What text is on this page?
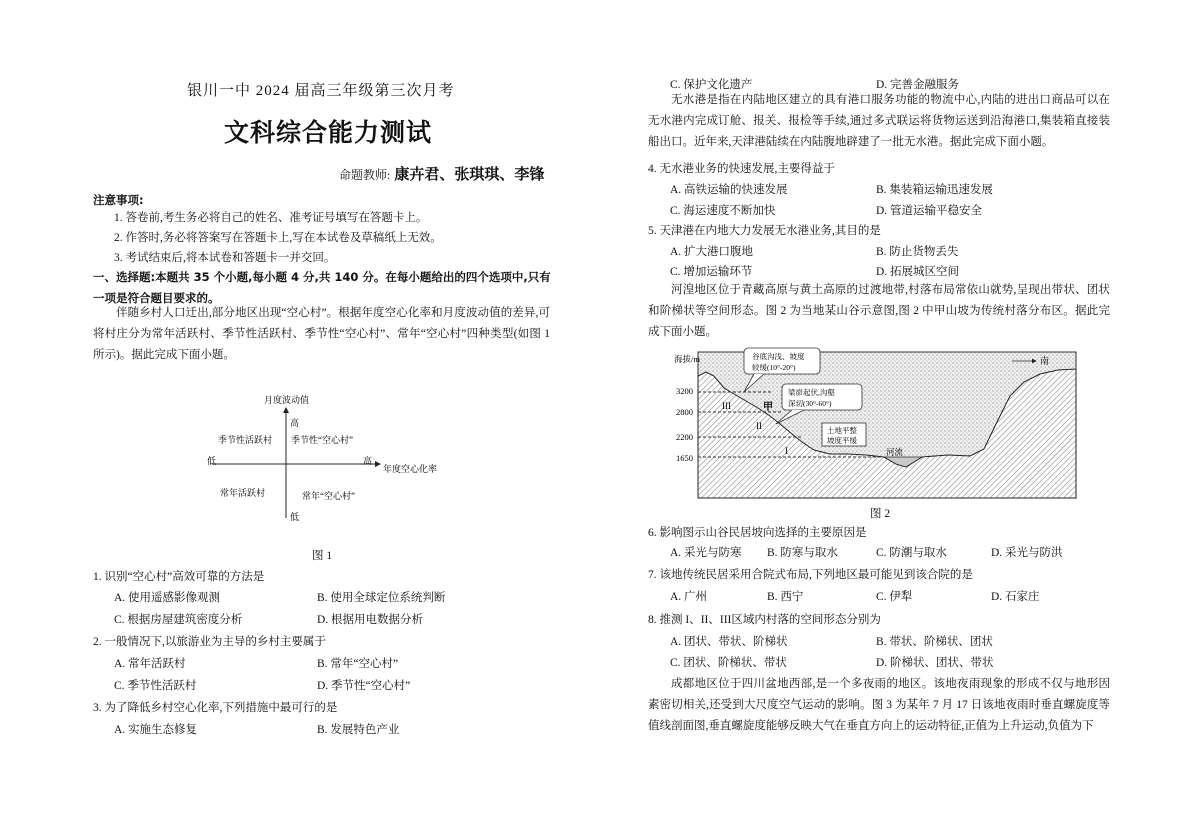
银川一中 2024 届高三年级第三次月考
文科综合能力测试
命题教师: 康卉君、张琪琪、李锋
注意事项:
1. 答卷前,考生务必将自己的姓名、准考证号填写在答题卡上。
2. 作答时,务必将答案写在答题卡上,写在本试卷及草稿纸上无效。
3. 考试结束后,将本试卷和答题卡一并交回。
一、选择题:本题共 35 个小题,每小题 4 分,共 140 分。在每小题给出的四个选项中,只有
一项是符合题目要求的。
伴随乡村人口迁出,部分地区出现“空心村”。根据年度空心化率和月度波动值的差异,可将村庄分为常年活跃村、季节性活跃村、季节性“空心村”、常年“空心村”四种类型(如图 1 所示)。据此完成下面小题。
月度波动值
高
低
低	高
年度空心化率
季节性活跃村 季节性“空心村”
常年活跃村	常年“空心村”
图 1
1. 识别“空心村”高效可靠的方法是
A. 使用遥感影像观测	B. 使用全球定位系统判断
C. 根据房屋建筑密度分析	D. 根据用电数据分析
2. 一般情况下,以旅游业为主导的乡村主要属于
A. 常年活跃村	B. 常年“空心村”
C. 季节性活跃村	D. 季节性“空心村”
3. 为了降低乡村空心化率,下列措施中最可行的是
A. 实施生态修复	B. 发展特色产业
C. 保护文化遗产	D. 完善金融服务
无水港是指在内陆地区建立的具有港口服务功能的物流中心,内陆的进出口商品可以在无水港内完成订舱、报关、报检等手续,通过多式联运将货物运送到沿海港口,集装箱直接装船出口。近年来,天津港陆续在内陆腹地辟建了一批无水港。据此完成下面小题。
4. 无水港业务的快速发展,主要得益于
A. 高铁运输的快速发展	B. 集装箱运输迅速发展
C. 海运速度不断加快	D. 管道运输平稳安全
5. 天津港在内地大力发展无水港业务,其目的是
A. 扩大港口腹地	B. 防止货物丢失
C. 增加运输环节	D. 拓展城区空间
河湟地区位于青藏高原与黄土高原的过渡地带,村落布局常依山就势,呈现出带状、团状和阶梯状等空间形态。图 2 为当地某山谷示意图,图 2 中甲山坡为传统村落分布区。据此完成下面小题。
海拔/m
3200
2800
2200
1650
III
II
I
甲
河流
南
谷底沟浅、坡度
较缓(10°-20°)
梁峁起伏,沟壑
深切(30°-60°)
土地平整
坡度平缓
图 2
6. 影响图示山谷民居坡向选择的主要原因是
A. 采光与防寒 B. 防寒与取水	C. 防潮与取水	D. 采光与防洪
7. 该地传统民居采用合院式布局,下列地区最可能见到该合院的是
A. 广州	B. 西宁	C. 伊犁	D. 石家庄
8. 推测 I、II、III区域内村落的空间形态分别为
A. 团状、带状、阶梯状	B. 带状、阶梯状、团状
C. 团状、阶梯状、带状	D. 阶梯状、团状、带状
成都地区位于四川盆地西部,是一个多夜雨的地区。该地夜雨现象的形成不仅与地形因素密切相关,还受到大尺度空气运动的影响。图 3 为某年 7 月 17 日该地夜雨时垂直螺旋度等值线剖面图,垂直螺旋度能够反映大气在垂直方向上的运动特征,正值为上升运动,负值为下
